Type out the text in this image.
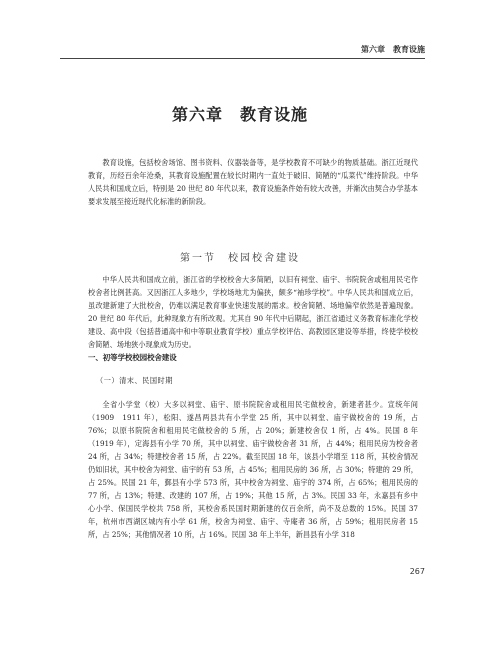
第六章　教育设施
第六章　教育设施

教育设施，包括校舍场馆、图书资料、仪器装备等，是学校教育不可缺少的物质基础。浙江近现代教育，历经百余年沧桑，其教育设施配置在较长时期内一直处于破旧、简陋的“瓜菜代”维持阶段。中华人民共和国成立后，特别是 20 世纪 80 年代以来，教育设施条件始有较大改善，并渐次由契合办学基本要求发展至接近现代化标准的新阶段。

第一节　校园校舍建设

中华人民共和国成立前，浙江省的学校校舍大多简陋，以旧有祠堂、庙宇、书院院舍或租用民宅作校舍者比例甚高。又因浙江人多地少，学校场地尤为偏狭，颇多“袖珍学校”。中华人民共和国成立后，虽改建新建了大批校舍，仍难以满足教育事业快速发展的需求。校舍简陋、场地偏窄依然是普遍现象。20 世纪 80 年代后，此种现象方有所改观。尤其自 90 年代中后期起，浙江省通过义务教育标准化学校建设、高中段（包括普通高中和中等职业教育学校）重点学校评估、高教园区建设等举措，终使学校校舍简陋、场地狭小现象成为历史。

一、初等学校校园校舍建设

（一）清末、民国时期

全省小学堂（校）大多以祠堂、庙宇、原书院院舍或租用民宅做校舍，新建者甚少。宣统年间（1909　1911 年），松阳、遂昌两县共有小学堂 25 所，其中以祠堂、庙宇做校舍的 19 所，占 76%；以原书院院舍和租用民宅做校舍的 5 所，占 20%；新建校舍仅 1 所，占 4%。民国 8 年（1919 年），定海县有小学 70 所，其中以祠堂、庙宇做校舍者 31 所，占 44%；租用民房为校舍者 24 所，占 34%；特建校舍者 15 所，占 22%。截至民国 18 年，该县小学增至 118 所，其校舍情况仍如旧状，其中校舍为祠堂、庙宇的有 53 所，占 45%；租用民房的 36 所，占 30%；特建的 29 所，占 25%。民国 21 年，鄞县有小学 573 所，其中校舍为祠堂、庙宇的 374 所，占 65%；租用民房的 77 所，占 13%；特建、改建的 107 所，占 19%；其他 15 所，占 3%。民国 33 年，永嘉县有乡中心小学、保国民学校共 758 所，其校舍系民国时期新建的仅百余所，尚不及总数的 15%。民国 37 年，杭州市西湖区城内有小学 61 所，校舍为祠堂、庙宇、寺庵者 36 所，占 59%；租用民房者 15 所，占 25%；其他情况者 10 所，占 16%。民国 38 年上半年，新昌县有小学 318

267
